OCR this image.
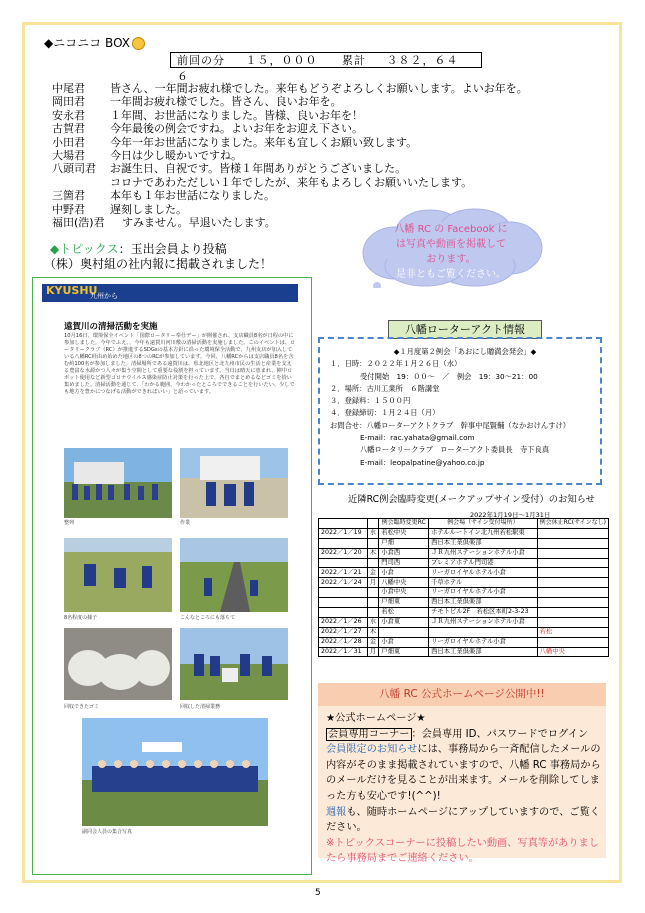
◆ニコニコ BOX
前回の分 １５，０００ 累計 ３８２，６４６
中尾君	皆さん、一年間お疲れ様でした。来年もどうぞよろしくお願いします。よいお年を。
岡田君	一年間お疲れ様でした。皆さん、良いお年を。
安永君	１年間、お世話になりました。皆様、良いお年を！
古賀君	今年最後の例会ですね。よいお年をお迎え下さい。
小田君	今年一年お世話になりました。来年も宜しくお願い致します。
大場君	今日は少し暖かいですね。
八頭司君	お誕生日、自祝です。皆様１年間ありがとうございました。
コロナであわただしい１年でしたが、来年もよろしくお願いいたします。
三箇君	本年も１年お世話になりました。
中野君	遅刻しました。
福田(浩)君	すみません。早退いたします。
八幡 RC の Facebook に
は写真や動画を掲載して
おります。
是非ともご覧ください。
◆トピックス：玉出会員より投稿
（株）奥村組の社内報に掲載されました！
KYUSHU
九州から
遠賀川の清掃活動を実施
10月16日、環境保全イベント「国際ロータリー奉仕デー」が開催され、支店職員8名が日程の中に参加しました。今年でふえ、、今年も遠賀川河川敷の清掃活動を実施しました。このイベントは、ロータリークラブ（RC）が推進するSDGsの基本方針に沿った環境保全活動で、九州支店が加入している八幡RC経由め始めた地区の8つのRCが参加しています。今回、八幡RCからは支店職員8名を含む約100名が参加しました。清掃場所である遠賀川は、県北地区と北九州市民の生活と産業を支える豊富な水源かつ人々が集う空間として重要な役割を担っています。当日は晴天に恵まれ、陣中ロボット使用など新型コロナウイルス感染症防止対策を行った上で、各自でまとめるなどゴミを拾い集めました。清掃活動を通じて、「わかる範囲、今わかったところでできることを行いたい、少しでも地方を豊かにつなげる活動ができればいい」と語っています。
整列	作業
8名程度の様子	こんなところにも落ちて
回収できたゴミ	回収した清掃業務
副同会人員の集合写真
八幡ローターアクト情報
◆１月度第２例会「あおにし贈満会発会」◆
１．日時：２０２２年１月２６日（水）
受付開始　19：００～　／　例会　19：30～21：00
２．場所：古川工業所　６階講堂
３．登録料：１５００円
４．登録締切：１月２４日（月）
お問合せ：八幡ローターアクトクラブ　幹事中尾賢輔（なかおけんすけ）
E-mail：rac.yahata@gmail.com
八幡ロータリークラブ　ローターアクト委員長　寺下良真
E-mail：leopalpatine@yahoo.co.jp
近隣RC例会臨時変更(メークアップサイン受付）のお知らせ
2022年1月19日～1月31日
		例会臨時変更RC	例会場（サイン受付場所）	例会休止RC(サインなし)
2022／1／19	水	若松中央	ホテルルートイン北九州若松駅東	
		戸畑	西日本工業倶楽部	
2022／1／20	木	小倉西	ＪＲ九州ステーションホテル小倉	
		門司西	プレミアホテル門司港	
2022／1／21	金	小倉	リーガロイヤルホテル小倉	
2022／1／24	月	八幡中央	千草ホテル	
		小倉中央	リーガロイヤルホテル小倉	
		戸畑東	西日本工業倶楽部	
		若松	チモトビル2F　若松区本町2-3-23	
2022／1／26	水	小倉東	ＪＲ九州ステーションホテル小倉	
2022／1／27	木			若松
2022／1／28	金	小倉	リーガロイヤルホテル小倉	
2022／1／31	月	戸畑東	西日本工業倶楽部	八幡中央
八幡 RC 公式ホームページ公開中!!
★公式ホームページ★
会員専用コーナー ：会員専用 ID、パスワードでログイン
会員限定のお知らせには、事務局から一斉配信したメールの内容がそのまま掲載されていますので、八幡 RC 事務局からのメールだけを見ることが出来ます。メールを削除してしまった方も安心です!(^^)!
週報も、随時ホームページにアップしていますので、ご覧ください。
※トピックスコーナーに投稿したい動画、写真等がありましたら事務局までご連絡ください。
5
